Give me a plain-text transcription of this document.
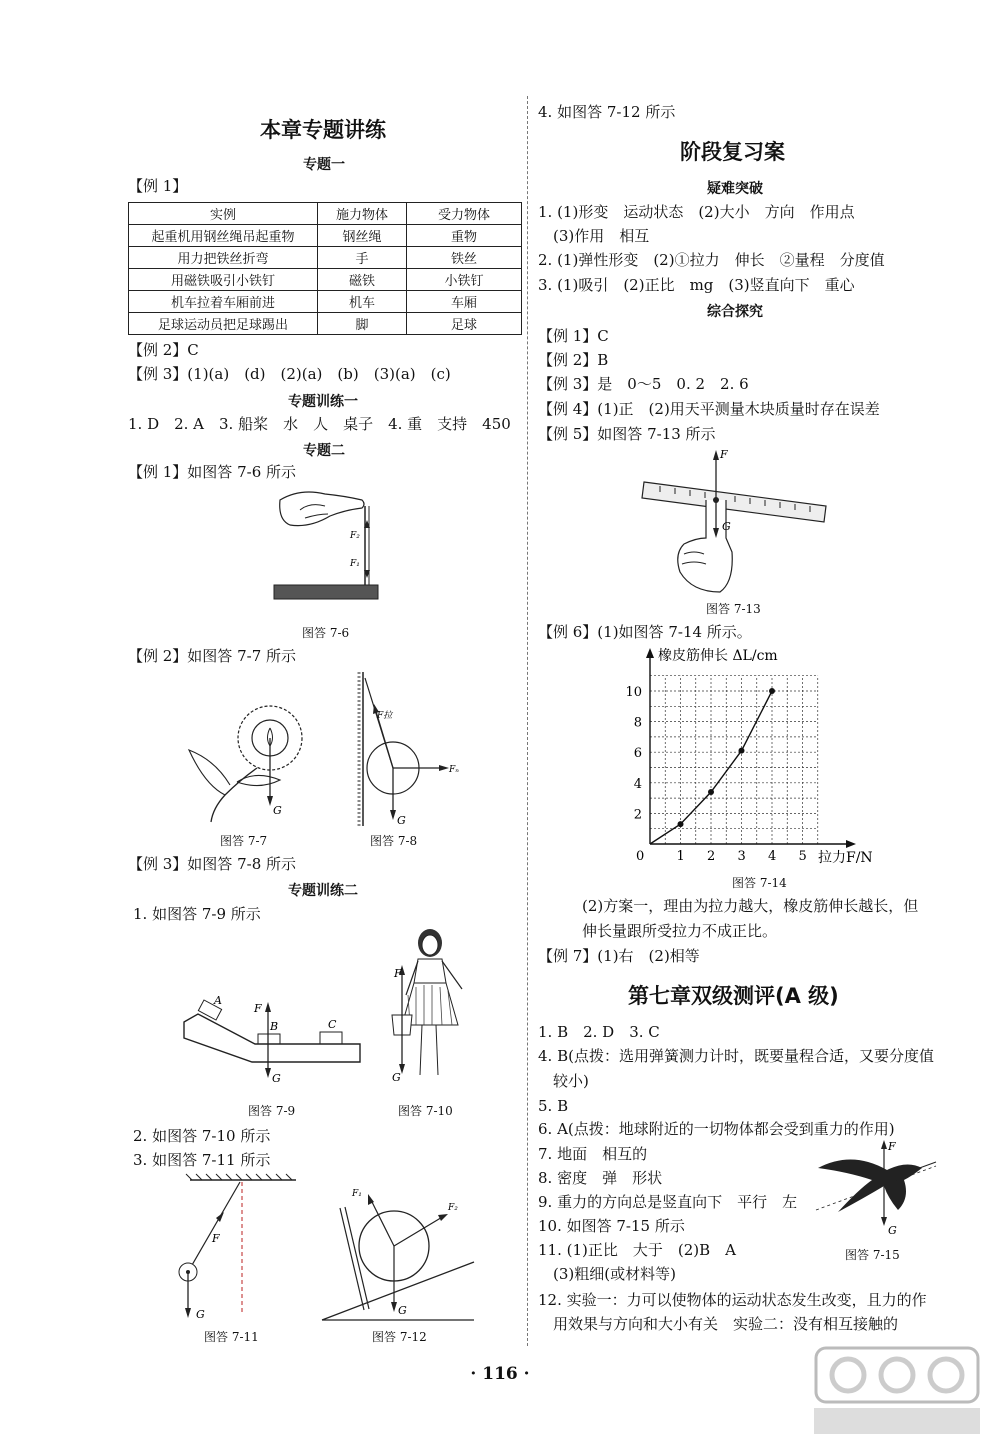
本章专题讲练
专题一
【例 1】
实例	施力物体	受力物体
起重机用钢丝绳吊起重物	钢丝绳	重物
用力把铁丝折弯	手	铁丝
用磁铁吸引小铁钉	磁铁	小铁钉
机车拉着车厢前进	机车	车厢
足球运动员把足球踢出	脚	足球
【例 2】C
【例 3】(1)(a)　(d)　(2)(a)　(b)　(3)(a)　(c)
专题训练一
1. D　2. A　3. 船桨　水　人　桌子　4. 重　支持　450
专题二
【例 1】如图答 7-6 所示
F₂
F₁
图答 7-6
【例 2】如图答 7-7 所示
G
图答 7-7
F拉
Fₙ
G
图答 7-8
【例 3】如图答 7-8 所示
专题训练二
1. 如图答 7-9 所示
A
B	C
F
G
图答 7-9
F
G
图答 7-10
2. 如图答 7-10 所示
3. 如图答 7-11 所示
F
G
图答 7-11
F₁
F₂
G
图答 7-12
4. 如图答 7-12 所示
阶段复习案
疑难突破
1. (1)形变　运动状态　(2)大小　方向　作用点
(3)作用　相互
2. (1)弹性形变　(2)①拉力　伸长　②量程　分度值
3. (1)吸引　(2)正比　mg　(3)竖直向下　重心
综合探究
【例 1】C
【例 2】B
【例 3】是　0～5　0. 2　2. 6
【例 4】(1)正　(2)用天平测量木块质量时存在误差
【例 5】如图答 7-13 所示
F
G
图答 7-13
【例 6】(1)如图答 7-14 所示。
0 1 2 3 4 5
2
4
6
8
10
橡皮筋伸长 ΔL/cm
拉力F/N
图答 7-14
(2)方案一，理由为拉力越大，橡皮筋伸长越长，但
伸长量跟所受拉力不成正比。
【例 7】(1)右　(2)相等
第七章双级测评(A 级)
1. B　2. D　3. C
4. B(点拨：选用弹簧测力计时，既要量程合适，又要分度值
较小)
5. B
6. A(点拨：地球附近的一切物体都会受到重力的作用)
7. 地面　相互的
8. 密度　弹　形状
9. 重力的方向总是竖直向下　平行　左
10. 如图答 7-15 所示
11. (1)正比　大于　(2)B　A
(3)粗细(或材料等)
12. 实验一：力可以使物体的运动状态发生改变，且力的作
用效果与方向和大小有关　实验二：没有相互接触的
F
G
图答 7-15
· 116 ·
